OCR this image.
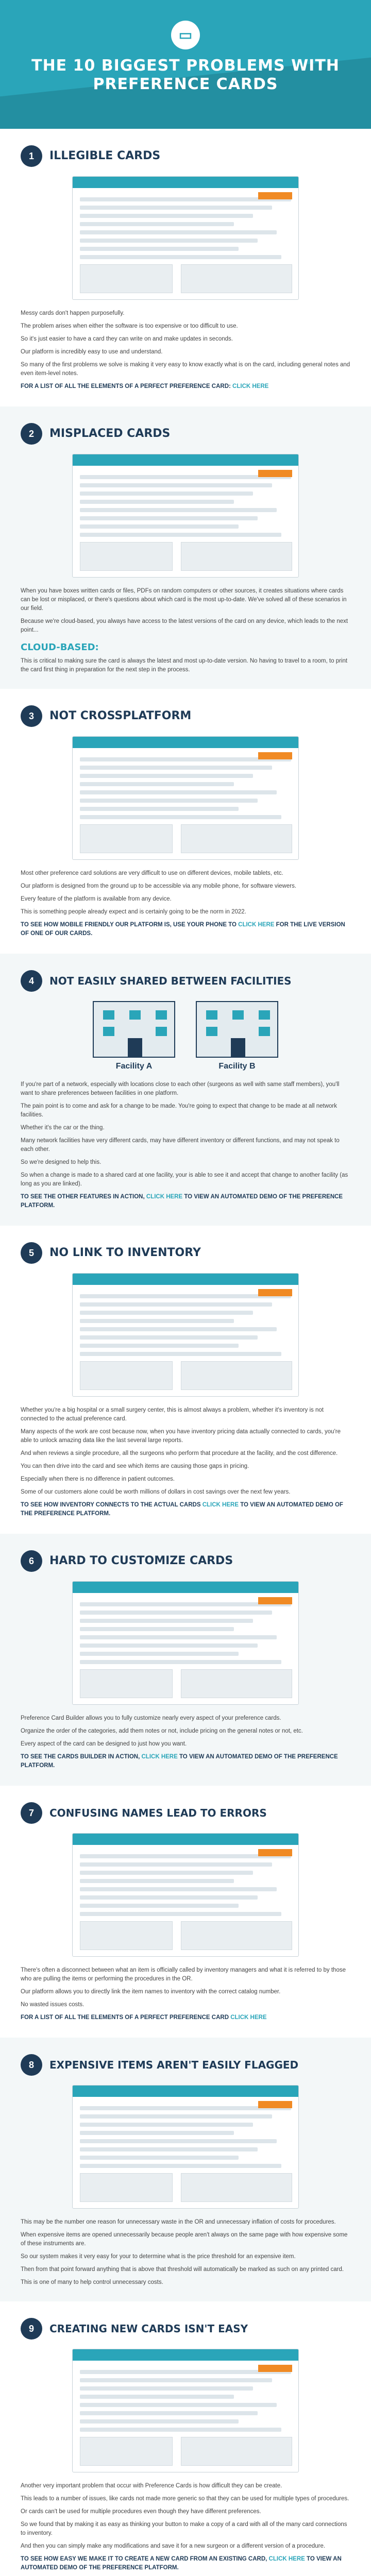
▭
THE 10 BIGGEST PROBLEMS WITH PREFERENCE CARDS
1	ILLEGIBLE CARDS

Messy cards don't happen purposefully.

The problem arises when either the software is too expensive or too difficult to use.

So it's just easier to have a card they can write on and make updates in seconds.

Our platform is incredibly easy to use and understand.

So many of the first problems we solve is making it very easy to know exactly what is on the card, including general notes and even item-level notes.

FOR A LIST OF ALL THE ELEMENTS OF A PERFECT PREFERENCE CARD: CLICK HERE
2	MISPLACED CARDS

When you have boxes written cards or files, PDFs on random computers or other sources, it creates situations where cards can be lost or misplaced, or there's questions about which card is the most up-to-date. We've solved all of these scenarios in our field.

Because we're cloud-based, you always have access to the latest versions of the card on any device, which leads to the next point...

CLOUD-BASED:

This is critical to making sure the card is always the latest and most up-to-date version. No having to travel to a room, to print the card first thing in preparation for the next step in the process.

3	NOT CROSSPLATFORM

Most other preference card solutions are very difficult to use on different devices, mobile tablets, etc.

Our platform is designed from the ground up to be accessible via any mobile phone, for software viewers.

Every feature of the platform is available from any device.

This is something people already expect and is certainly going to be the norm in 2022.

TO SEE HOW MOBILE FRIENDLY OUR PLATFORM IS, USE YOUR PHONE TO CLICK HERE FOR THE LIVE VERSION OF ONE OF OUR CARDS.
4	NOT EASILY SHARED BETWEEN FACILITIES
Facility A	Facility B

If you're part of a network, especially with locations close to each other (surgeons as well with same staff members), you'll want to share preferences between facilities in one platform.

The pain point is to come and ask for a change to be made. You're going to expect that change to be made at all network facilities.

Whether it's the car or the thing.

Many network facilities have very different cards, may have different inventory or different functions, and may not speak to each other.

So we're designed to help this.

So when a change is made to a shared card at one facility, your is able to see it and accept that change to another facility (as long as you are linked).

TO SEE THE OTHER FEATURES IN ACTION, CLICK HERE TO VIEW AN AUTOMATED DEMO OF THE PREFERENCE PLATFORM.
5	NO LINK TO INVENTORY

Whether you're a big hospital or a small surgery center, this is almost always a problem, whether it's inventory is not connected to the actual preference card.

Many aspects of the work are cost because now, when you have inventory pricing data actually connected to cards, you're able to unlock amazing data like the last several large reports.

And when reviews a single procedure, all the surgeons who perform that procedure at the facility, and the cost difference.

You can then drive into the card and see which items are causing those gaps in pricing.

Especially when there is no difference in patient outcomes.

Some of our customers alone could be worth millions of dollars in cost savings over the next few years.

TO SEE HOW INVENTORY CONNECTS TO THE ACTUAL CARDS CLICK HERE TO VIEW AN AUTOMATED DEMO OF THE PREFERENCE PLATFORM.
6	HARD TO CUSTOMIZE CARDS

Preference Card Builder allows you to fully customize nearly every aspect of your preference cards.

Organize the order of the categories, add them notes or not, include pricing on the general notes or not, etc.

Every aspect of the card can be designed to just how you want.

TO SEE THE CARDS BUILDER IN ACTION, CLICK HERE TO VIEW AN AUTOMATED DEMO OF THE PREFERENCE PLATFORM.
7	CONFUSING NAMES LEAD TO ERRORS

There's often a disconnect between what an item is officially called by inventory managers and what it is referred to by those who are pulling the items or performing the procedures in the OR.

Our platform allows you to directly link the item names to inventory with the correct catalog number.

No wasted issues costs.

FOR A LIST OF ALL THE ELEMENTS OF A PERFECT PREFERENCE CARD CLICK HERE
8	EXPENSIVE ITEMS AREN'T EASILY FLAGGED

This may be the number one reason for unnecessary waste in the OR and unnecessary inflation of costs for procedures.

When expensive items are opened unnecessarily because people aren't always on the same page with how expensive some of these instruments are.

So our system makes it very easy for your to determine what is the price threshold for an expensive item.

Then from that point forward anything that is above that threshold will automatically be marked as such on any printed card.

This is one of many to help control unnecessary costs.

9	CREATING NEW CARDS ISN'T EASY

Another very important problem that occur with Preference Cards is how difficult they can be create.

This leads to a number of issues, like cards not made more generic so that they can be used for multiple types of procedures.

Or cards can't be used for multiple procedures even though they have different preferences.

So we found that by making it as easy as thinking your button to make a copy of a card with all of the many card connections to inventory.

And then you can simply make any modifications and save it for a new surgeon or a different version of a procedure.

TO SEE HOW EASY WE MAKE IT TO CREATE A NEW CARD FROM AN EXISTING CARD, CLICK HERE TO VIEW AN AUTOMATED DEMO OF THE PREFERENCE PLATFORM.
